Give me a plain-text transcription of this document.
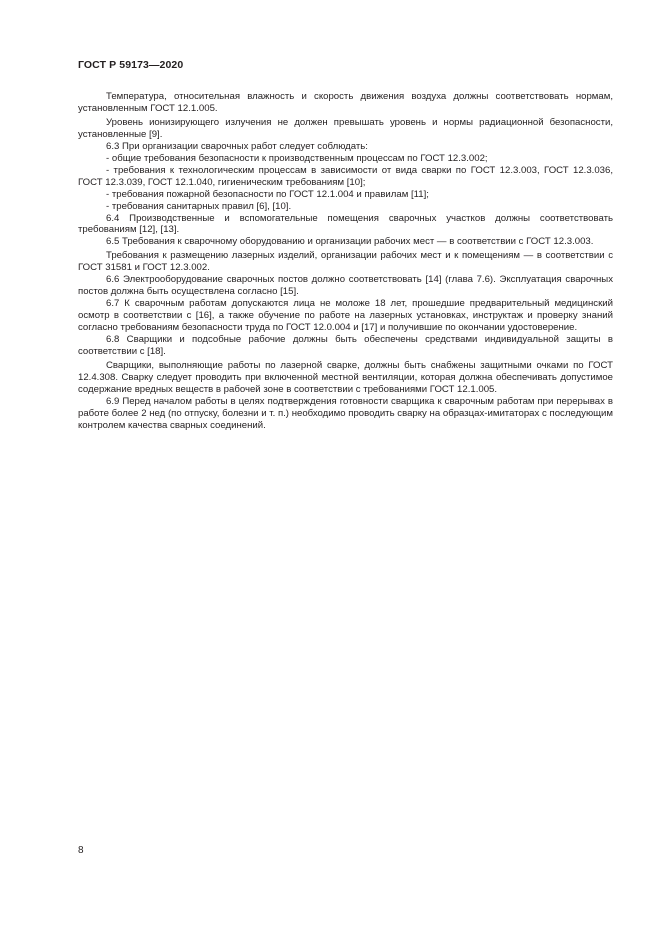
ГОСТ Р 59173—2020

Температура, относительная влажность и скорость движения воздуха должны соответствовать нормам, установленным ГОСТ 12.1.005.

Уровень ионизирующего излучения не должен превышать уровень и нормы радиационной безопасности, установленные [9].

6.3 При организации сварочных работ следует соблюдать:

- общие требования безопасности к производственным процессам по ГОСТ 12.3.002;

- требования к технологическим процессам в зависимости от вида сварки по ГОСТ 12.3.003, ГОСТ 12.3.036, ГОСТ 12.3.039, ГОСТ 12.1.040, гигиеническим требованиям [10];

- требования пожарной безопасности по ГОСТ 12.1.004 и правилам [11];

- требования санитарных правил [6], [10].

6.4 Производственные и вспомогательные помещения сварочных участков должны соответствовать требованиям [12], [13].

6.5 Требования к сварочному оборудованию и организации рабочих мест — в соответствии с ГОСТ 12.3.003.

Требования к размещению лазерных изделий, организации рабочих мест и к помещениям — в соответствии с ГОСТ 31581 и ГОСТ 12.3.002.

6.6 Электрооборудование сварочных постов должно соответствовать [14] (глава 7.6). Эксплуатация сварочных постов должна быть осуществлена согласно [15].

6.7 К сварочным работам допускаются лица не моложе 18 лет, прошедшие предварительный медицинский осмотр в соответствии с [16], а также обучение по работе на лазерных установках, инструктаж и проверку знаний согласно требованиям безопасности труда по ГОСТ 12.0.004 и [17] и получившие по окончании удостоверение.

6.8 Сварщики и подсобные рабочие должны быть обеспечены средствами индивидуальной защиты в соответствии с [18].

Сварщики, выполняющие работы по лазерной сварке, должны быть снабжены защитными очками по ГОСТ 12.4.308. Сварку следует проводить при включенной местной вентиляции, которая должна обеспечивать допустимое содержание вредных веществ в рабочей зоне в соответствии с требованиями ГОСТ 12.1.005.

6.9 Перед началом работы в целях подтверждения готовности сварщика к сварочным работам при перерывах в работе более 2 нед (по отпуску, болезни и т. п.) необходимо проводить сварку на образцах-имитаторах с последующим контролем качества сварных соединений.

8
